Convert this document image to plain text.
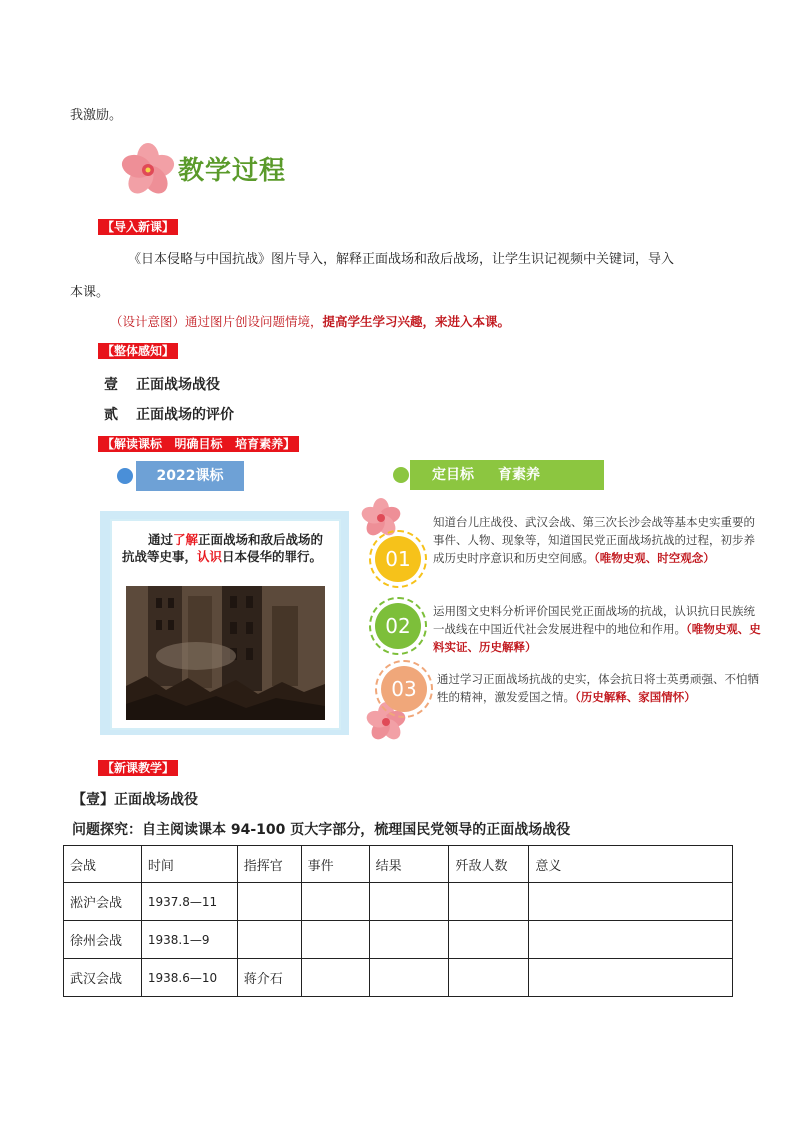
我激励。
教学过程
【导入新课】
《日本侵略与中国抗战》图片导入，解释正面战场和敌后战场，让学生识记视频中关键词，导入
本课。
（设计意图）通过图片创设问题情境，提高学生学习兴趣，来进入本课。
【整体感知】
壹 正面战场战役
贰 正面战场的评价
【解读课标   明确目标   培育素养】
2022课标	定目标 育素养
通过了解正面战场和敌后战场的抗战等史事，认识日本侵华的罪行。	01
知道台儿庄战役、武汉会战、第三次长沙会战等基本史实重要的事件、人物、现象等，知道国民党正面战场抗战的过程，初步养成历史时序意识和历史空间感。（唯物史观、时空观念）
02
运用图文史料分析评价国民党正面战场的抗战，认识抗日民族统一战线在中国近代社会发展进程中的地位和作用。（唯物史观、史料实证、历史解释）
03	通过学习正面战场抗战的史实，体会抗日将士英勇顽强、不怕牺牲的精神，激发爱国之情。（历史解释、家国情怀）
【新课教学】
【壹】正面战场战役
问题探究：自主阅读课本 94-100 页大字部分，梳理国民党领导的正面战场战役
会战	时间	指挥官	事件	结果	歼敌人数	意义
淞沪会战	1937.8—11					
徐州会战	1938.1—9					
武汉会战	1938.6—10	蒋介石				
